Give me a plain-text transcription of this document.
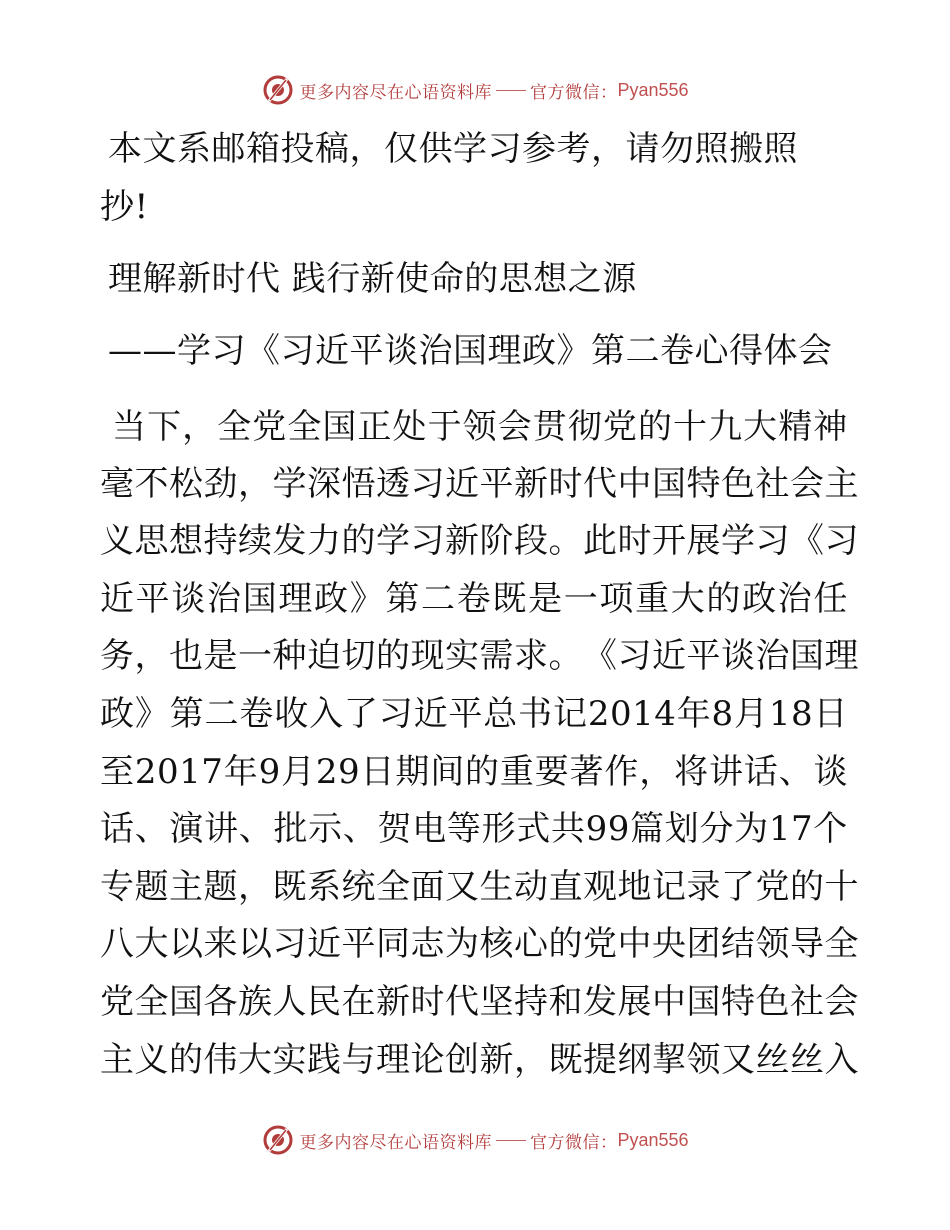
更多内容尽在心语资料库 官方微信： Pyan556
本文系邮箱投稿，仅供学习参考，请勿照搬照
抄!
理解新时代 践行新使命的思想之源
——学习《习近平谈治国理政》第二卷心得体会
当 下 ， 全 党 全 国 正 处 于 领 会 贯 彻 党 的 十 九 大 精 神
毫 不 松 劲 ， 学 深 悟 透 习 近 平 新 时 代 中 国 特 色 社 会 主
义 思 想 持 续 发 力 的 学 习 新 阶 段 。 此 时 开 展 学 习 《 习
近 平 谈 治 国 理 政 》 第 二 卷 既 是 一 项 重 大 的 政 治 任
务 ， 也 是 一 种 迫 切 的 现 实 需 求 。 《 习 近 平 谈 治 国 理
政 》 第 二 卷 收 入 了 习 近 平 总 书 记 2014 年 8 月 18 日
至 2017 年 9 月 29 日 期 间 的 重 要 著 作 ， 将 讲 话 、 谈
话 、 演 讲 、 批 示 、 贺 电 等 形 式 共 99 篇 划 分 为 17 个
专 题 主 题 ， 既 系 统 全 面 又 生 动 直 观 地 记 录 了 党 的 十
八 大 以 来 以 习 近 平 同 志 为 核 心 的 党 中 央 团 结 领 导 全
党 全 国 各 族 人 民 在 新 时 代 坚 持 和 发 展 中 国 特 色 社 会
主 义 的 伟 大 实 践 与 理 论 创 新 ， 既 提 纲 挈 领 又 丝 丝 入
更多内容尽在心语资料库 官方微信： Pyan556
